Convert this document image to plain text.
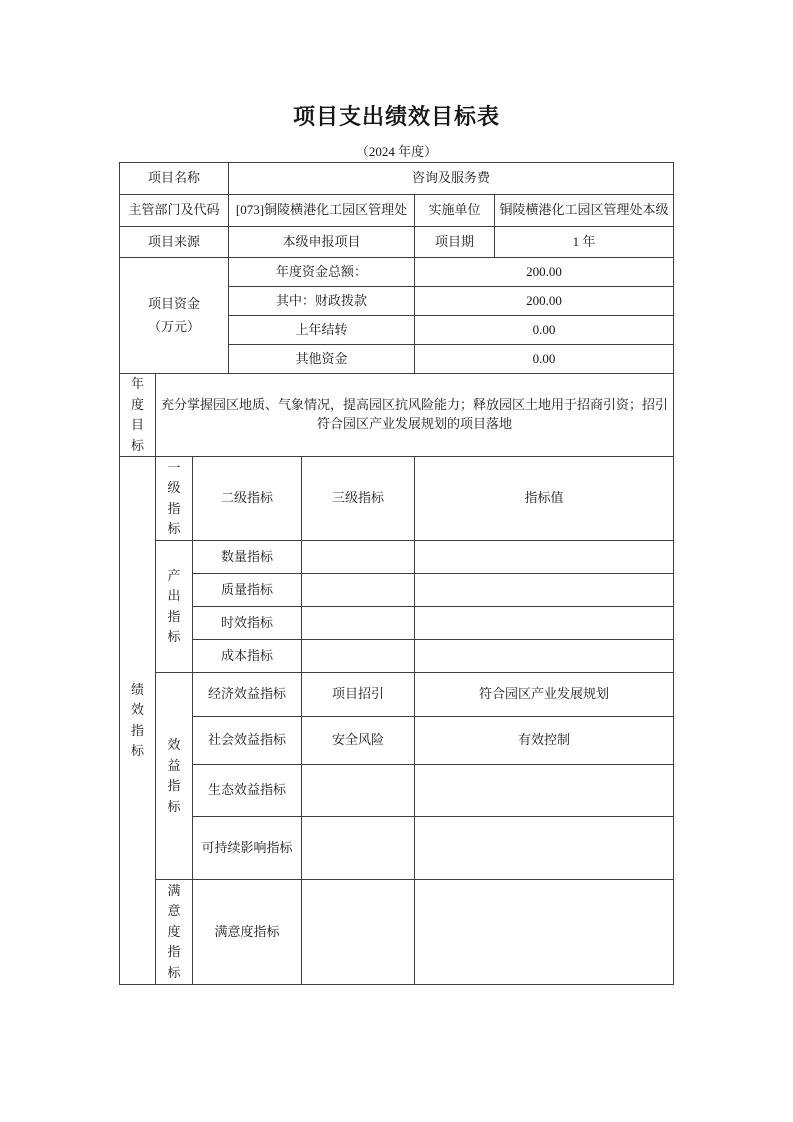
项目支出绩效目标表
（2024 年度）
项目名称			咨询及服务费			
主管部门及代码			[073]铜陵横港化工园区管理处		实施单位	铜陵横港化工园区管理处本级
项目来源			本级申报项目		项目期	1 年

项目资金
（万元）			年度资金总额：		200.00	
			其中：财政拨款		200.00	
			上年结转		0.00	
			其他资金		0.00	

年度目标	充分掌握园区地质、气象情况，提高园区抗风险能力；释放园区土地用于招商引资；招引符合园区产业发展规划的项目落地					

绩效指标	一级指标	二级指标		三级指标	指标值	

	产出指标	数量指标				
		质量指标				
		时效指标				
		成本指标				

	效益指标	经济效益指标		项目招引	符合园区产业发展规划	
		社会效益指标		安全风险	有效控制	
		生态效益指标				
		可持续影响指标				

	满意度指标	满意度指标				
